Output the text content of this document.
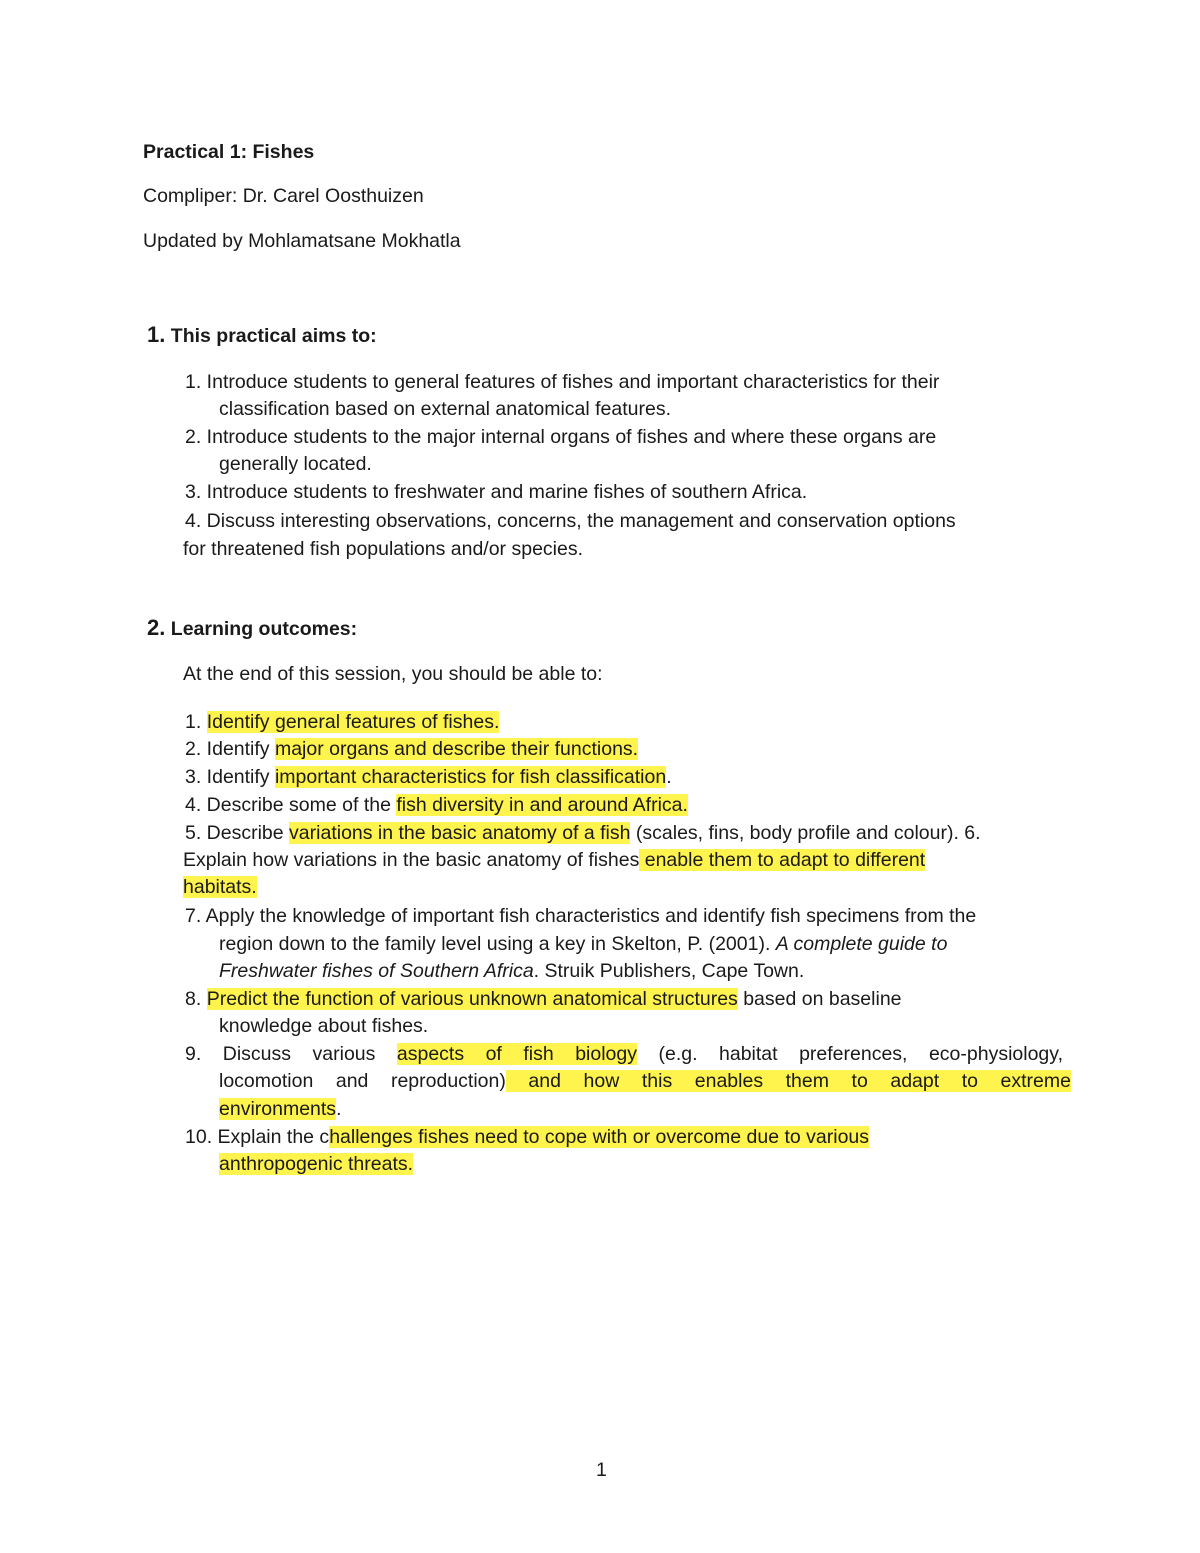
Practical 1: Fishes

Compliper: Dr. Carel Oosthuizen

Updated by Mohlamatsane Mokhatla

1. This practical aims to:

1. Introduce students to general features of fishes and important characteristics for their

classification based on external anatomical features.

2. Introduce students to the major internal organs of fishes and where these organs are

generally located.

3. Introduce students to freshwater and marine fishes of southern Africa.

4. Discuss interesting observations, concerns, the management and conservation options

for threatened fish populations and/or species.

2. Learning outcomes:

At the end of this session, you should be able to:

1. Identify general features of fishes.

2. Identify major organs and describe their functions.

3. Identify important characteristics for fish classification.

4. Describe some of the fish diversity in and around Africa.

5. Describe variations in the basic anatomy of a fish (scales, fins, body profile and colour). 6.

Explain how variations in the basic anatomy of fishes enable them to adapt to different

habitats.

7. Apply the knowledge of important fish characteristics and identify fish specimens from the

region down to the family level using a key in Skelton, P. (2001). A complete guide to

Freshwater fishes of Southern Africa. Struik Publishers, Cape Town.

8. Predict the function of various unknown anatomical structures based on baseline

knowledge about fishes.

9. Discuss various aspects of fish biology (e.g. habitat preferences, eco-physiology,

locomotion and reproduction) and how this enables them to adapt to extreme

environments.

10. Explain the challenges fishes need to cope with or overcome due to various

anthropogenic threats.

1
